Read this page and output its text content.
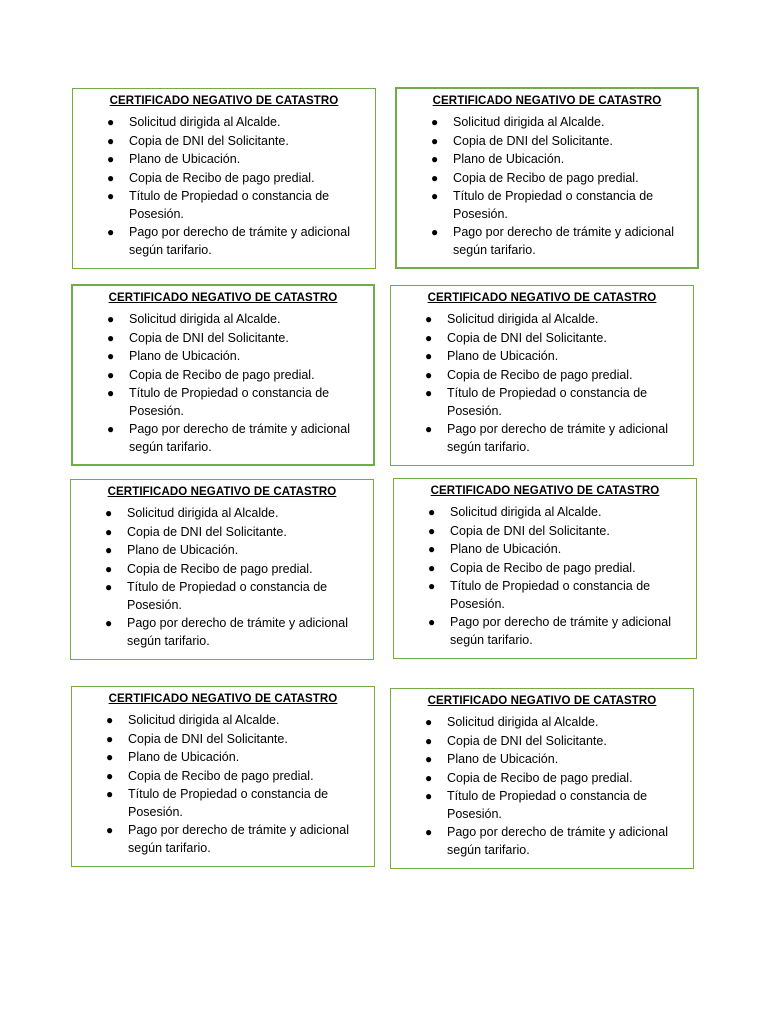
CERTIFICADO NEGATIVO DE CATASTRO
● Solicitud dirigida al Alcalde.
● Copia de DNI del Solicitante.
● Plano de Ubicación.
● Copia de Recibo de pago predial.
● Título de Propiedad o constancia de Posesión.
● Pago por derecho de trámite y adicional según tarifario.
CERTIFICADO NEGATIVO DE CATASTRO
● Solicitud dirigida al Alcalde.
● Copia de DNI del Solicitante.
● Plano de Ubicación.
● Copia de Recibo de pago predial.
● Título de Propiedad o constancia de Posesión.
● Pago por derecho de trámite y adicional según tarifario.
CERTIFICADO NEGATIVO DE CATASTRO
● Solicitud dirigida al Alcalde.
● Copia de DNI del Solicitante.
● Plano de Ubicación.
● Copia de Recibo de pago predial.
● Título de Propiedad o constancia de Posesión.
● Pago por derecho de trámite y adicional según tarifario.
CERTIFICADO NEGATIVO DE CATASTRO
● Solicitud dirigida al Alcalde.
● Copia de DNI del Solicitante.
● Plano de Ubicación.
● Copia de Recibo de pago predial.
● Título de Propiedad o constancia de Posesión.
● Pago por derecho de trámite y adicional según tarifario.
CERTIFICADO NEGATIVO DE CATASTRO
● Solicitud dirigida al Alcalde.
● Copia de DNI del Solicitante.
● Plano de Ubicación.
● Copia de Recibo de pago predial.
● Título de Propiedad o constancia de Posesión.
● Pago por derecho de trámite y adicional según tarifario.
CERTIFICADO NEGATIVO DE CATASTRO
● Solicitud dirigida al Alcalde.
● Copia de DNI del Solicitante.
● Plano de Ubicación.
● Copia de Recibo de pago predial.
● Título de Propiedad o constancia de Posesión.
● Pago por derecho de trámite y adicional según tarifario.
CERTIFICADO NEGATIVO DE CATASTRO
● Solicitud dirigida al Alcalde.
● Copia de DNI del Solicitante.
● Plano de Ubicación.
● Copia de Recibo de pago predial.
● Título de Propiedad o constancia de Posesión.
● Pago por derecho de trámite y adicional según tarifario.
CERTIFICADO NEGATIVO DE CATASTRO
● Solicitud dirigida al Alcalde.
● Copia de DNI del Solicitante.
● Plano de Ubicación.
● Copia de Recibo de pago predial.
● Título de Propiedad o constancia de Posesión.
● Pago por derecho de trámite y adicional según tarifario.
